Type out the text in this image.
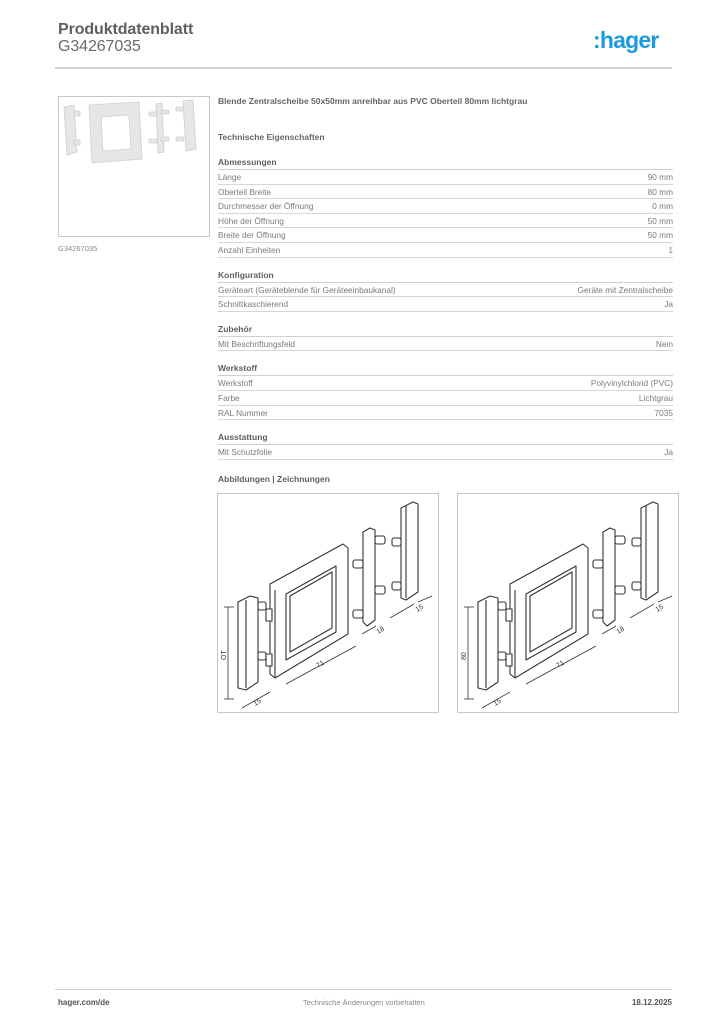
Produktdatenblatt
G34267035	:hager
G34267035
Blende Zentralscheibe 50x50mm anreihbar aus PVC Oberteil 80mm lichtgrau
Technische Eigenschaften
Abmessungen
Länge	90 mm
Oberteil Breite	80 mm
Durchmesser der Öffnung	0 mm
Höhe der Öffnung	50 mm
Breite der Öffnung	50 mm
Anzahl Einheiten	1
Konfiguration
Geräteart (Geräteblende für Geräteeinbaukanal)	Geräte mit Zentralscheibe
Schnittkaschierend	Ja
Zubehör
Mit Beschriftungsfeld	Nein
Werkstoff
Werkstoff	Polyvinylchlorid (PVC)
Farbe	Lichtgrau
RAL Nummer	7035
Ausstattung
Mit Schutzfolie	Ja
Abbildungen | Zeichnungen
OT
15
71
18
15
80
15
71
18
15
hager.com/de	Technische Änderungen vorbehalten	18.12.2025
